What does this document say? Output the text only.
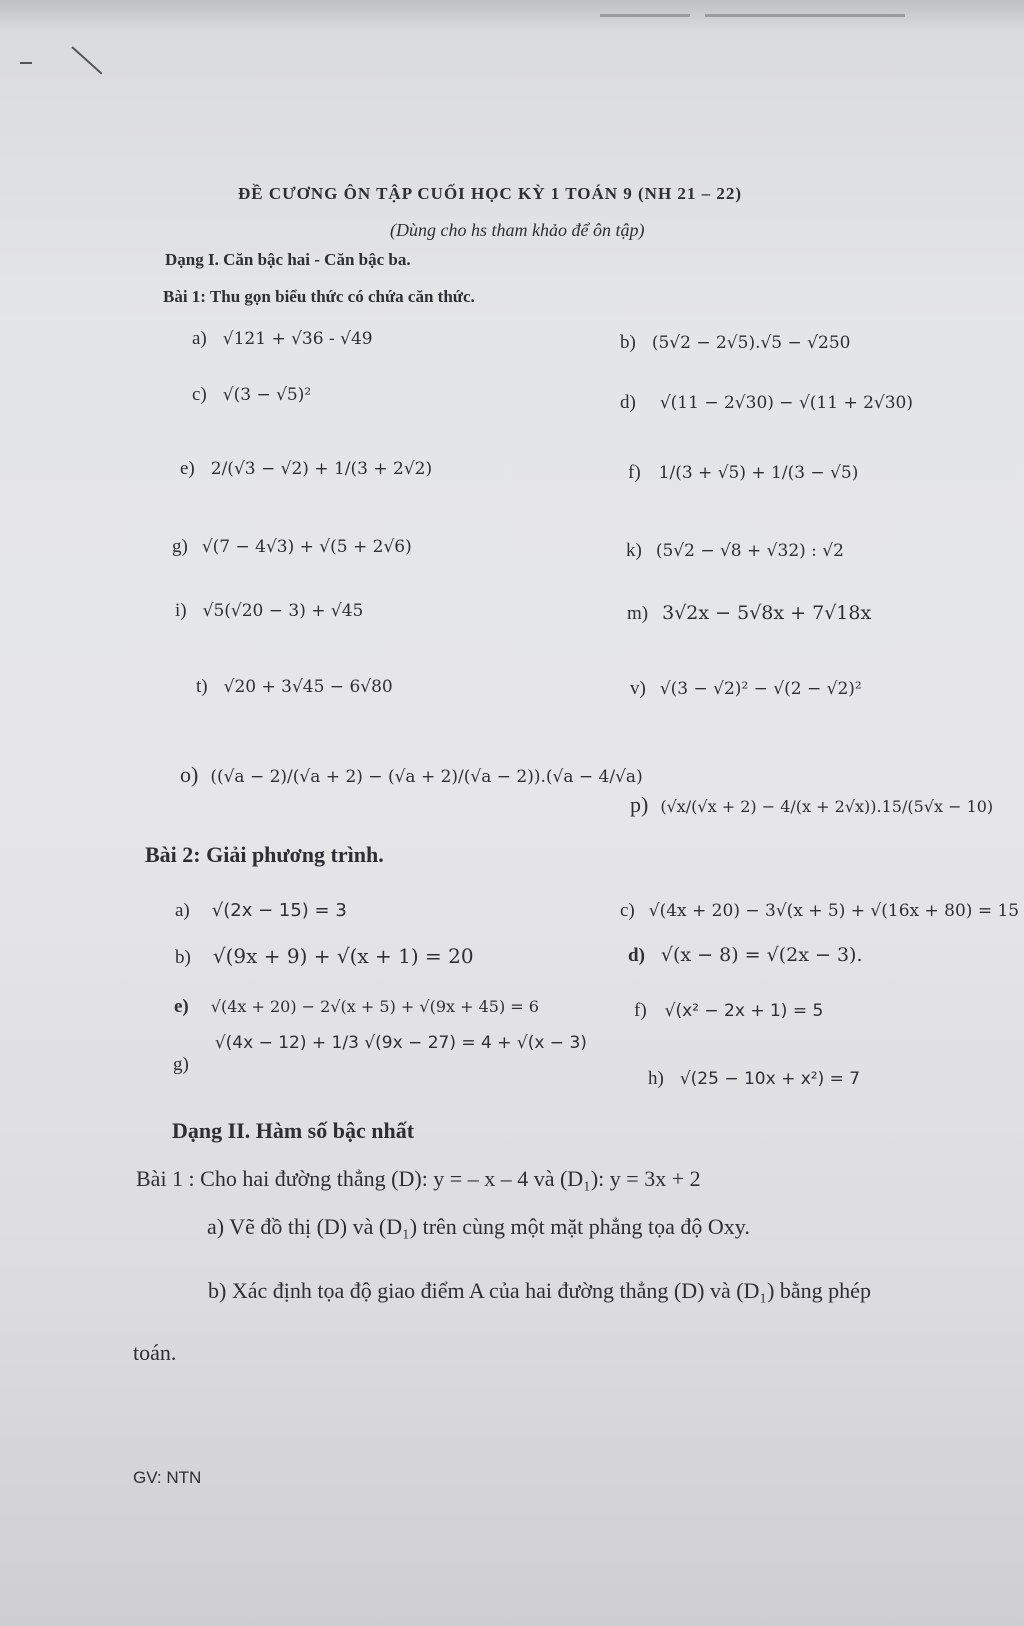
ĐỀ CƯƠNG ÔN TẬP CUỐI HỌC KỲ 1 TOÁN 9 (NH 21 – 22)
(Dùng cho hs tham khảo để ôn tập)
Dạng I. Căn bậc hai - Căn bậc ba.
Bài 1: Thu gọn biểu thức có chứa căn thức.
a) √121 + √36 - √49	b) (5√2 − 2√5).√5 − √250
c) √(3 − √5)²	d) √(11 − 2√30) − √(11 + 2√30)
e) 2/(√3 − √2) + 1/(3 + 2√2)	f) 1/(3 + √5) + 1/(3 − √5)
g) √(7 − 4√3) + √(5 + 2√6)	k) (5√2 − √8 + √32) : √2
i) √5(√20 − 3) + √45	m) 3√2x − 5√8x + 7√18x
t) √20 + 3√45 − 6√80	v) √(3 − √2)² − √(2 − √2)²
o) ((√a − 2)/(√a + 2) − (√a + 2)/(√a − 2)).(√a − 4/√a)
p) (√x/(√x + 2) − 4/(x + 2√x)).15/(5√x − 10)
Bài 2: Giải phương trình.
a) √(2x − 15) = 3	c) √(4x + 20) − 3√(x + 5) + √(16x + 80) = 15
b) √(9x + 9) + √(x + 1) = 20	d) √(x − 8) = √(2x − 3).
e) √(4x + 20) − 2√(x + 5) + √(9x + 45) = 6	f) √(x² − 2x + 1) = 5
g) √(4x − 12) + 1/3 √(9x − 27) = 4 + √(x − 3)
h) √(25 − 10x + x²) = 7
Dạng II. Hàm số bậc nhất
Bài 1 : Cho hai đường thẳng (D): y = – x – 4 và (D₁): y = 3x + 2
a) Vẽ đồ thị (D) và (D₁) trên cùng một mặt phẳng tọa độ Oxy.
b) Xác định tọa độ giao điểm A của hai đường thẳng (D) và (D₁) bằng phép
toán.
GV: NTN
